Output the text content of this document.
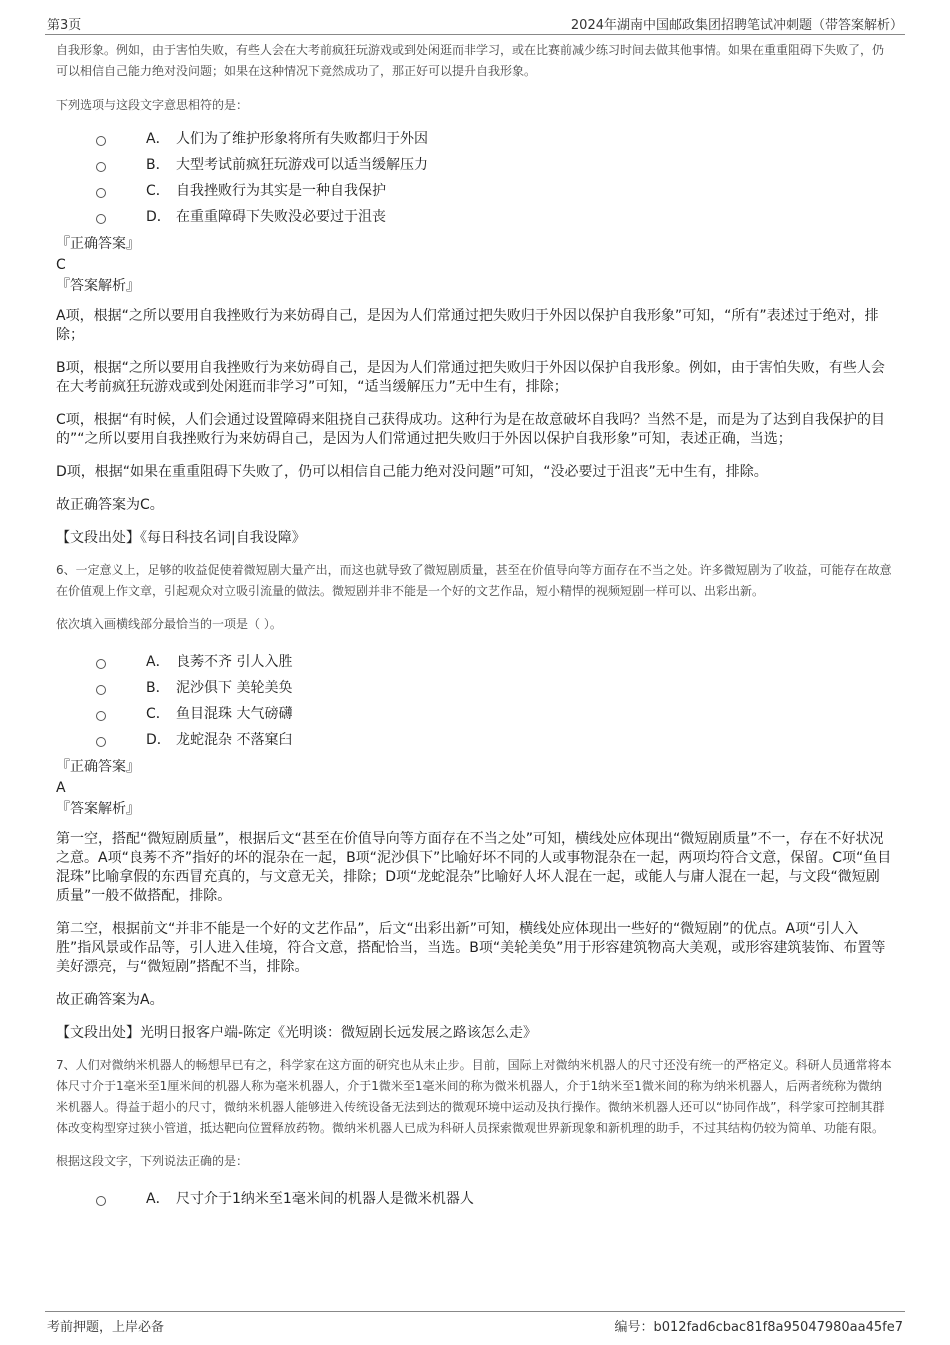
第3页	2024年湖南中国邮政集团招聘笔试冲刺题（带答案解析）

自我形象。例如，由于害怕失败，有些人会在大考前疯狂玩游戏或到处闲逛而非学习，或在比赛前减少练习时间去做其他事情。如果在重重阻碍下失败了，仍可以相信自己能力绝对没问题；如果在这种情况下竟然成功了，那正好可以提升自我形象。

下列选项与这段文字意思相符的是：

A． 人们为了维护形象将所有失败都归于外因
B． 大型考试前疯狂玩游戏可以适当缓解压力
C． 自我挫败行为其实是一种自我保护
D． 在重重障碍下失败没必要过于沮丧

『正确答案』

C

『答案解析』

A项，根据“之所以要用自我挫败行为来妨碍自己，是因为人们常通过把失败归于外因以保护自我形象”可知，“所有”表述过于绝对，排除；

B项，根据“之所以要用自我挫败行为来妨碍自己，是因为人们常通过把失败归于外因以保护自我形象。例如，由于害怕失败，有些人会在大考前疯狂玩游戏或到处闲逛而非学习”可知，“适当缓解压力”无中生有，排除；

C项，根据“有时候，人们会通过设置障碍来阻挠自己获得成功。这种行为是在故意破坏自我吗？当然不是，而是为了达到自我保护的目的”“之所以要用自我挫败行为来妨碍自己，是因为人们常通过把失败归于外因以保护自我形象”可知，表述正确，当选；

D项，根据“如果在重重阻碍下失败了，仍可以相信自己能力绝对没问题”可知，“没必要过于沮丧”无中生有，排除。

故正确答案为C。

【文段出处】《每日科技名词|自我设障》

6、一定意义上，足够的收益促使着微短剧大量产出，而这也就导致了微短剧质量，甚至在价值导向等方面存在不当之处。许多微短剧为了收益，可能存在故意在价值观上作文章，引起观众对立吸引流量的做法。微短剧并非不能是一个好的文艺作品，短小精悍的视频短剧一样可以、出彩出新。

依次填入画横线部分最恰当的一项是（ ）。

A． 良莠不齐 引人入胜
B． 泥沙俱下 美轮美奂
C． 鱼目混珠 大气磅礴
D． 龙蛇混杂 不落窠臼

『正确答案』

A

『答案解析』

第一空，搭配“微短剧质量”，根据后文“甚至在价值导向等方面存在不当之处”可知，横线处应体现出“微短剧质量”不一，存在不好状况之意。A项“良莠不齐”指好的坏的混杂在一起，B项“泥沙俱下”比喻好坏不同的人或事物混杂在一起，两项均符合文意，保留。C项“鱼目混珠”比喻拿假的东西冒充真的，与文意无关，排除；D项“龙蛇混杂”比喻好人坏人混在一起，或能人与庸人混在一起，与文段“微短剧质量”一般不做搭配，排除。

第二空，根据前文“并非不能是一个好的文艺作品”，后文“出彩出新”可知，横线处应体现出一些好的“微短剧”的优点。A项“引人入胜”指风景或作品等，引人进入佳境，符合文意，搭配恰当，当选。B项“美轮美奂”用于形容建筑物高大美观，或形容建筑装饰、布置等美好漂亮，与“微短剧”搭配不当，排除。

故正确答案为A。

【文段出处】光明日报客户端-陈定《光明谈：微短剧长远发展之路该怎么走》

7、人们对微纳米机器人的畅想早已有之，科学家在这方面的研究也从未止步。目前，国际上对微纳米机器人的尺寸还没有统一的严格定义。科研人员通常将本体尺寸介于1毫米至1厘米间的机器人称为毫米机器人，介于1微米至1毫米间的称为微米机器人，介于1纳米至1微米间的称为纳米机器人，后两者统称为微纳米机器人。得益于超小的尺寸，微纳米机器人能够进入传统设备无法到达的微观环境中运动及执行操作。微纳米机器人还可以“协同作战”，科学家可控制其群体改变构型穿过狭小管道，抵达靶向位置释放药物。微纳米机器人已成为科研人员探索微观世界新现象和新机理的助手，不过其结构仍较为简单、功能有限。

根据这段文字，下列说法正确的是：

A． 尺寸介于1纳米至1毫米间的机器人是微米机器人
考前押题，上岸必备	编号：b012fad6cbac81f8a95047980aa45fe7
